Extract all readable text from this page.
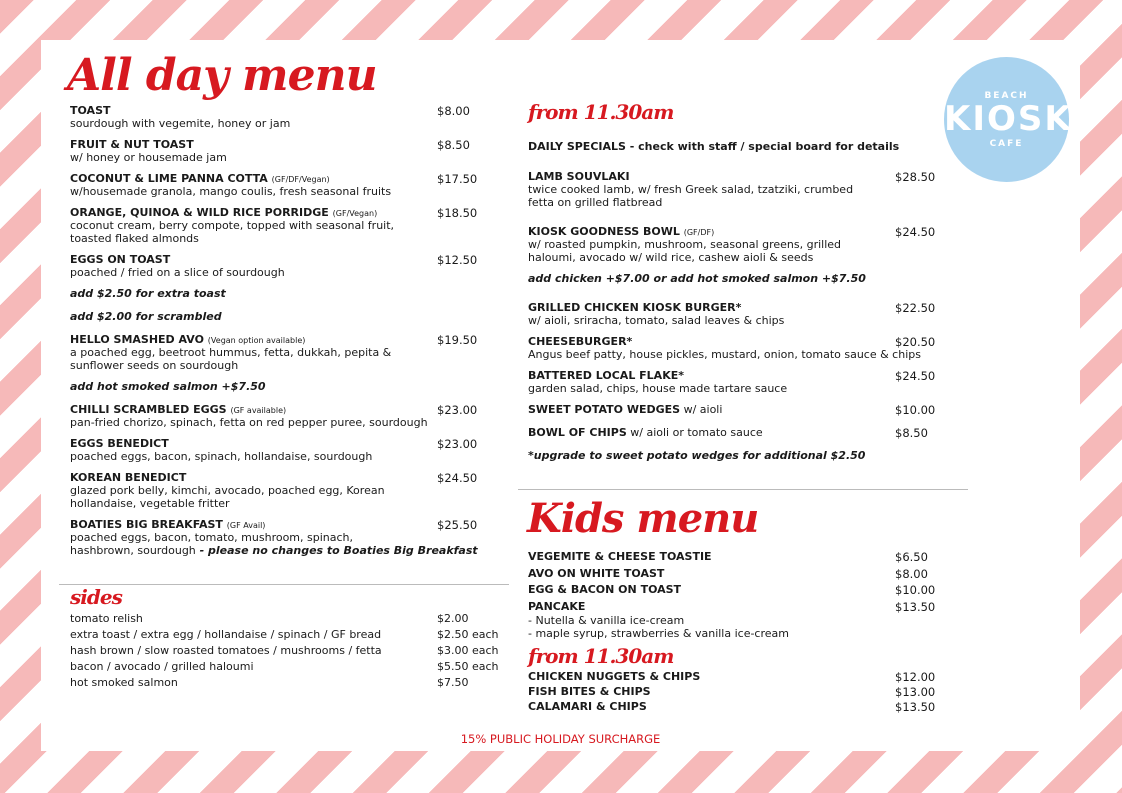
All day menu
TOAST
sourdough with vegemite, honey or jam
$8.00
FRUIT & NUT TOAST
w/ honey or housemade jam
$8.50
COCONUT & LIME PANNA COTTA (GF/DF/Vegan)
w/housemade granola, mango coulis, fresh seasonal fruits
$17.50
ORANGE, QUINOA & WILD RICE PORRIDGE (GF/Vegan)
coconut cream, berry compote, topped with seasonal fruit, toasted flaked almonds
$18.50
EGGS ON TOAST
poached / fried on a slice of sourdough
$12.50
add $2.50 for extra toast
add $2.00 for scrambled
HELLO SMASHED AVO (Vegan option available)
a poached egg, beetroot hummus, fetta, dukkah, pepita & sunflower seeds on sourdough
$19.50
add hot smoked salmon +$7.50
CHILLI SCRAMBLED EGGS (GF available)
pan-fried chorizo, spinach, fetta on red pepper puree, sourdough
$23.00
EGGS BENEDICT
poached eggs, bacon, spinach, hollandaise, sourdough
$23.00
KOREAN BENEDICT
glazed pork belly, kimchi, avocado, poached egg, Korean hollandaise, vegetable fritter
$24.50
BOATIES BIG BREAKFAST (GF Avail)
poached eggs, bacon, tomato, mushroom, spinach,
hashbrown, sourdough - please no changes to Boaties Big Breakfast
$25.50
sides
tomato relish	$2.00
extra toast / extra egg / hollandaise / spinach / GF bread	$2.50 each
hash brown / slow roasted tomatoes / mushrooms / fetta	$3.00 each
bacon / avocado / grilled haloumi	$5.50 each
hot smoked salmon	$7.50
from 11.30am
DAILY SPECIALS - check with staff / special board for details
LAMB SOUVLAKI
twice cooked lamb, w/ fresh Greek salad, tzatziki, crumbed fetta on grilled flatbread
$28.50
KIOSK GOODNESS BOWL (GF/DF)
w/ roasted pumpkin, mushroom, seasonal greens, grilled haloumi, avocado w/ wild rice, cashew aioli & seeds
$24.50
add chicken +$7.00 or add hot smoked salmon +$7.50
GRILLED CHICKEN KIOSK BURGER*
w/ aioli, sriracha, tomato, salad leaves & chips
$22.50
CHEESEBURGER*
Angus beef patty, house pickles, mustard, onion, tomato sauce & chips
$20.50
BATTERED LOCAL FLAKE*
garden salad, chips, house made tartare sauce
$24.50
SWEET POTATO WEDGES w/ aioli	$10.00
BOWL OF CHIPS w/ aioli or tomato sauce	$8.50
*upgrade to sweet potato wedges for additional $2.50
Kids menu
VEGEMITE & CHEESE TOASTIE	$6.50
AVO ON WHITE TOAST	$8.00
EGG & BACON ON TOAST	$10.00
PANCAKE	$13.50
- Nutella & vanilla ice-cream
- maple syrup, strawberries & vanilla ice-cream
from 11.30am
CHICKEN NUGGETS & CHIPS	$12.00
FISH BITES & CHIPS	$13.00
CALAMARI & CHIPS	$13.50
BEACH
KIOSK
CAFE
15% PUBLIC HOLIDAY SURCHARGE
